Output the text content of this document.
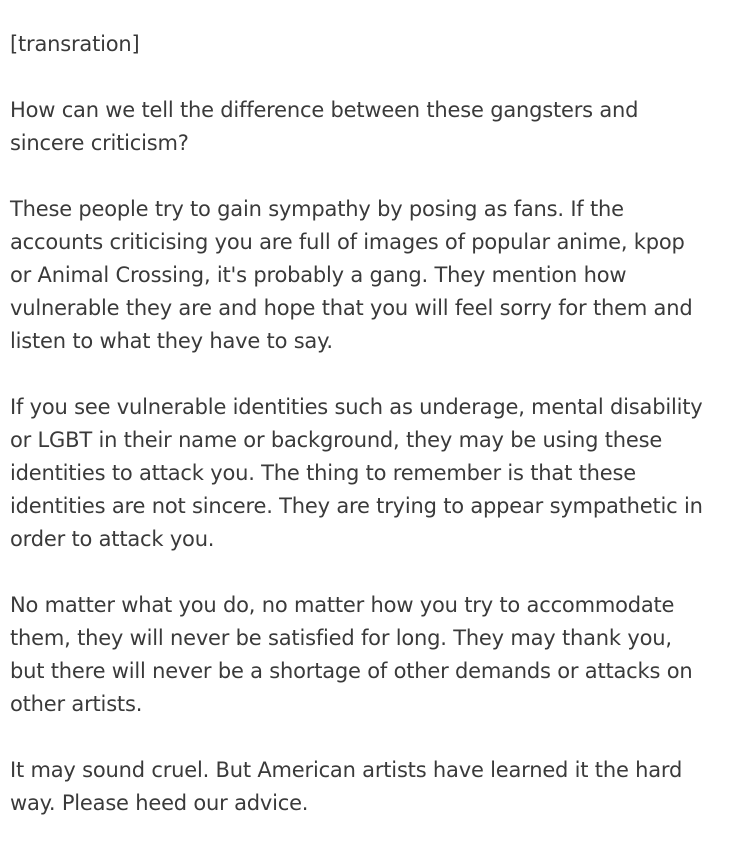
[transration]

How can we tell the difference between these gangsters and
sincere criticism?

These people try to gain sympathy by posing as fans. If the
accounts criticising you are full of images of popular anime, kpop
or Animal Crossing, it's probably a gang. They mention how
vulnerable they are and hope that you will feel sorry for them and
listen to what they have to say.

If you see vulnerable identities such as underage, mental disability
or LGBT in their name or background, they may be using these
identities to attack you. The thing to remember is that these
identities are not sincere. They are trying to appear sympathetic in
order to attack you.

No matter what you do, no matter how you try to accommodate
them, they will never be satisfied for long. They may thank you,
but there will never be a shortage of other demands or attacks on
other artists.

It may sound cruel. But American artists have learned it the hard
way. Please heed our advice.
